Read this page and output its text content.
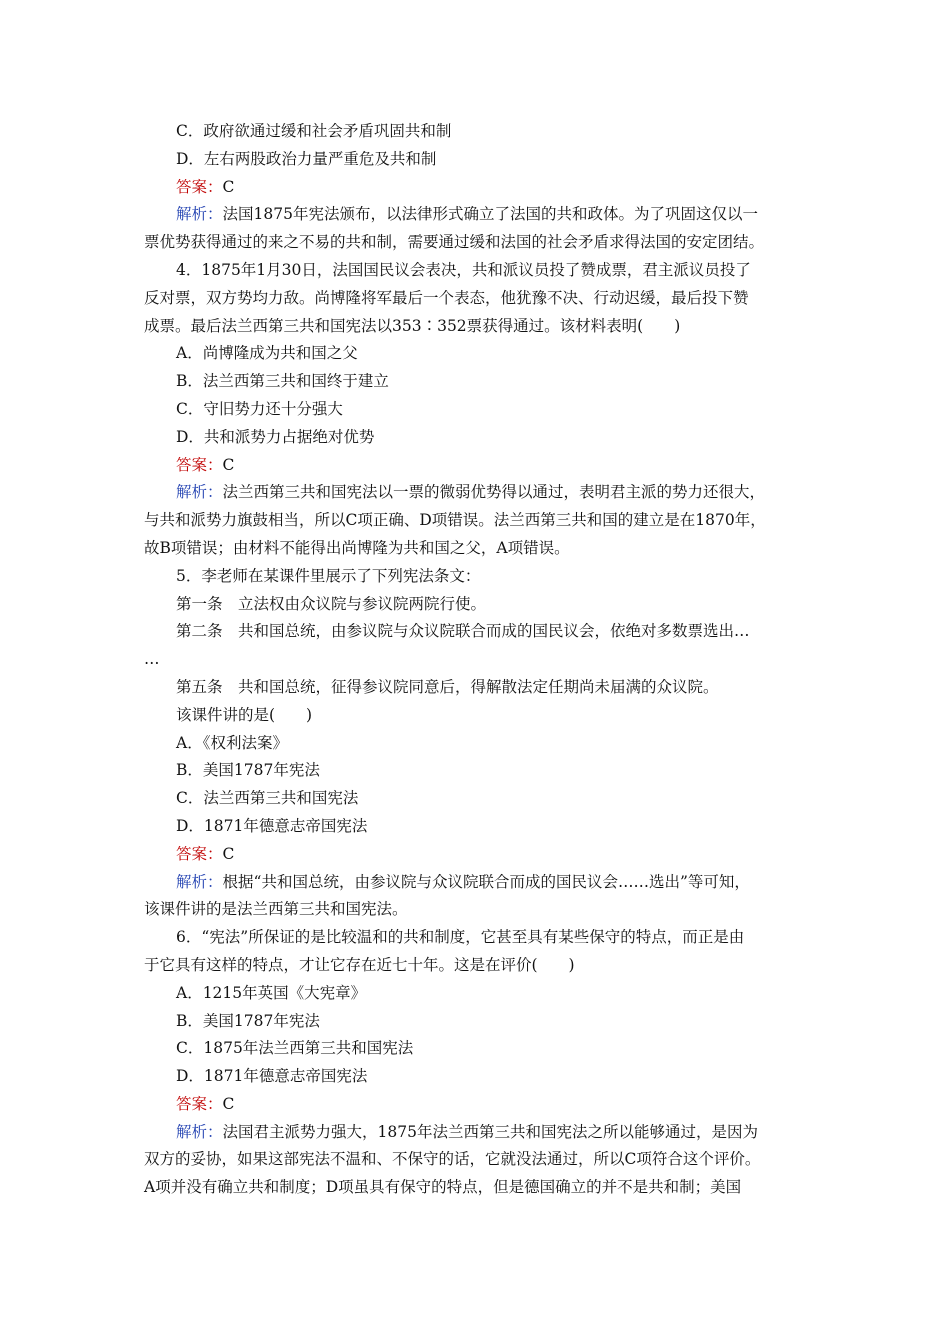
C．政府欲通过缓和社会矛盾巩固共和制
D．左右两股政治力量严重危及共和制
答案：C
解析：法国1875年宪法颁布，以法律形式确立了法国的共和政体。为了巩固这仅以一
票优势获得通过的来之不易的共和制，需要通过缓和法国的社会矛盾求得法国的安定团结。
4．1875年1月30日，法国国民议会表决，共和派议员投了赞成票，君主派议员投了
反对票，双方势均力敌。尚博隆将军最后一个表态，他犹豫不决、行动迟缓，最后投下赞
成票。最后法兰西第三共和国宪法以353∶352票获得通过。该材料表明(　　)
A．尚博隆成为共和国之父
B．法兰西第三共和国终于建立
C．守旧势力还十分强大
D．共和派势力占据绝对优势
答案：C
解析：法兰西第三共和国宪法以一票的微弱优势得以通过，表明君主派的势力还很大，
与共和派势力旗鼓相当，所以C项正确、D项错误。法兰西第三共和国的建立是在1870年，
故B项错误；由材料不能得出尚博隆为共和国之父，A项错误。
5．李老师在某课件里展示了下列宪法条文：
第一条　立法权由众议院与参议院两院行使。
第二条　共和国总统，由参议院与众议院联合而成的国民议会，依绝对多数票选出…
…
第五条　共和国总统，征得参议院同意后，得解散法定任期尚未届满的众议院。
该课件讲的是(　　)
A．《权利法案》
B．美国1787年宪法
C．法兰西第三共和国宪法
D．1871年德意志帝国宪法
答案：C
解析：根据“共和国总统，由参议院与众议院联合而成的国民议会……选出”等可知，
该课件讲的是法兰西第三共和国宪法。
6．“宪法”所保证的是比较温和的共和制度，它甚至具有某些保守的特点，而正是由
于它具有这样的特点，才让它存在近七十年。这是在评价(　　)
A．1215年英国《大宪章》
B．美国1787年宪法
C．1875年法兰西第三共和国宪法
D．1871年德意志帝国宪法
答案：C
解析：法国君主派势力强大，1875年法兰西第三共和国宪法之所以能够通过，是因为
双方的妥协，如果这部宪法不温和、不保守的话，它就没法通过，所以C项符合这个评价。
A项并没有确立共和制度；D项虽具有保守的特点，但是德国确立的并不是共和制；美国
